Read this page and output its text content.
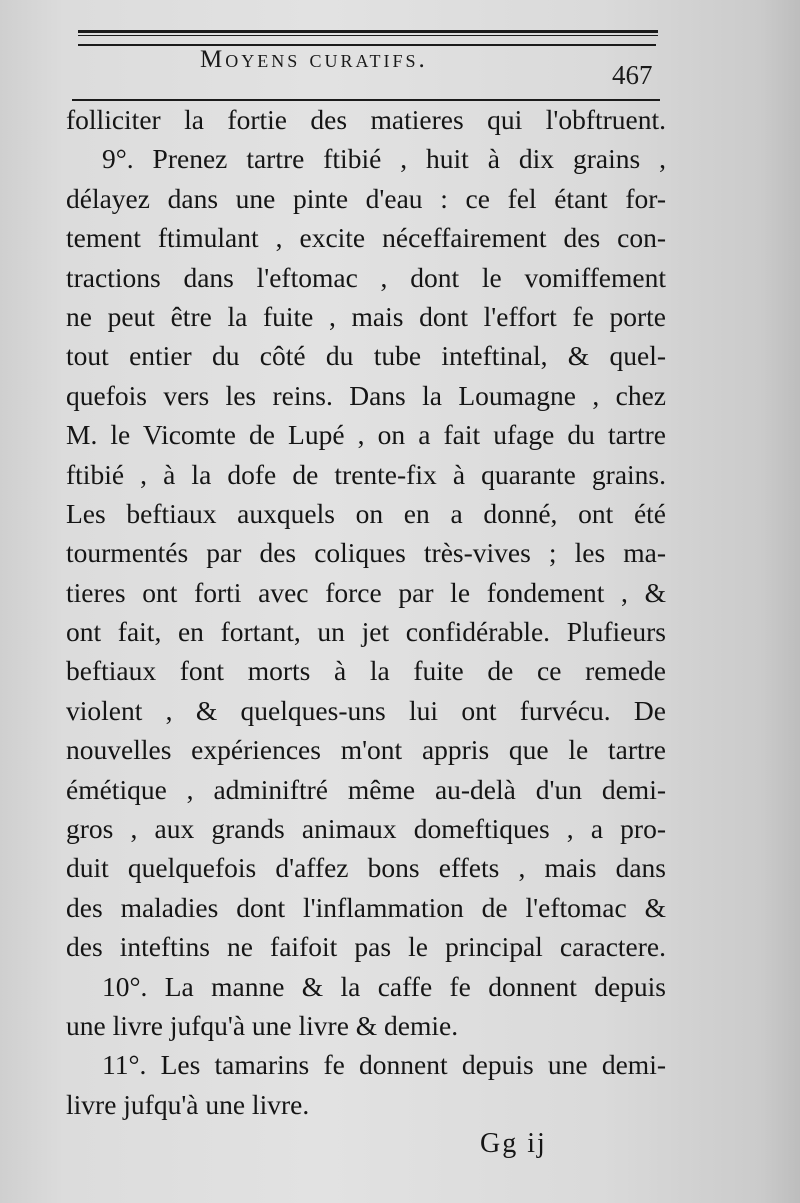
Moyens curatifs.
467
folliciter la fortie des matieres qui l'obftruent.
9°. Prenez tartre ftibié , huit à dix grains ,
délayez dans une pinte d'eau : ce fel étant for-
tement ftimulant , excite néceffairement des con-
tractions dans l'eftomac , dont le vomiffement
ne peut être la fuite , mais dont l'effort fe porte
tout entier du côté du tube inteftinal, & quel-
quefois vers les reins. Dans la Loumagne , chez
M. le Vicomte de Lupé , on a fait ufage du tartre
ftibié , à la dofe de trente-fix à quarante grains.
Les beftiaux auxquels on en a donné, ont été
tourmentés par des coliques très-vives ; les ma-
tieres ont forti avec force par le fondement , &
ont fait, en fortant, un jet confidérable. Plufieurs
beftiaux font morts à la fuite de ce remede
violent , & quelques-uns lui ont furvécu. De
nouvelles expériences m'ont appris que le tartre
émétique , adminiftré même au-delà d'un demi-
gros , aux grands animaux domeftiques , a pro-
duit quelquefois d'affez bons effets , mais dans
des maladies dont l'inflammation de l'eftomac &
des inteftins ne faifoit pas le principal caractere.
10°. La manne & la caffe fe donnent depuis
une livre jufqu'à une livre & demie.
11°. Les tamarins fe donnent depuis une demi-
livre jufqu'à une livre.
Gg ij
